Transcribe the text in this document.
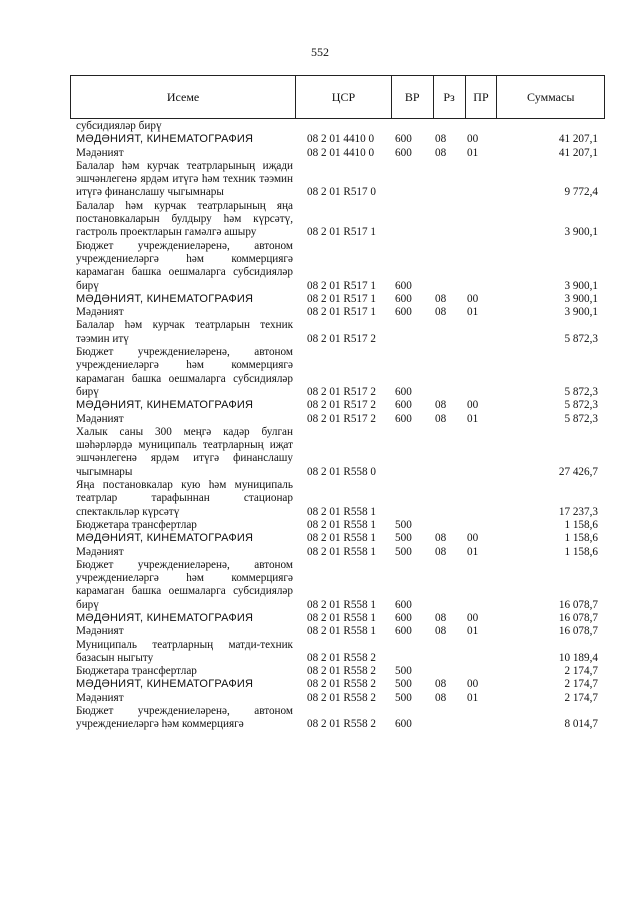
552
Исеме	ЦСР	ВР	Рз	ПР	Суммасы
субсидияләр бирү
МӘДӘНИЯТ, КИНЕМАТОГРАФИЯ	08 2 01 4410 0	600	08	00	41 207,1
Мәдәният	08 2 01 4410 0	600	08	01	41 207,1
Балалар һәм курчак театрларының иҗади эшчәнлегенә ярдәм итүгә һәм техник тәэмин итүгә финанслашу чыгымнары	08 2 01 R517 0	9 772,4
Балалар һәм курчак театрларының яңа постановкаларын булдыру һәм күрсәтү, гастроль проектларын гамәлгә ашыру	08 2 01 R517 1	3 900,1
Бюджет учреждениеләренә, автоном учреждениеләргә һәм коммерциягә карамаган башка оешмаларга субсидияләр бирү	08 2 01 R517 1	600	3 900,1
МӘДӘНИЯТ, КИНЕМАТОГРАФИЯ	08 2 01 R517 1	600	08	00	3 900,1
Мәдәният	08 2 01 R517 1	600	08	01	3 900,1
Балалар һәм курчак театрларын техник тәэмин итү	08 2 01 R517 2	5 872,3
Бюджет учреждениеләренә, автоном учреждениеләргә һәм коммерциягә карамаган башка оешмаларга субсидияләр бирү	08 2 01 R517 2	600	5 872,3
МӘДӘНИЯТ, КИНЕМАТОГРАФИЯ	08 2 01 R517 2	600	08	00	5 872,3
Мәдәният	08 2 01 R517 2	600	08	01	5 872,3
Халык саны 300 меңгә кадәр булган шәһәрләрдә муниципаль театрларның иҗат эшчәнлегенә ярдәм итүгә финанслашу чыгымнары	08 2 01 R558 0	27 426,7
Яңа постановкалар кую һәм муниципаль театрлар тарафыннан стационар спектакльләр күрсәтү	08 2 01 R558 1	17 237,3
Бюджетара трансфертлар	08 2 01 R558 1	500	1 158,6
МӘДӘНИЯТ, КИНЕМАТОГРАФИЯ	08 2 01 R558 1	500	08	00	1 158,6
Мәдәният	08 2 01 R558 1	500	08	01	1 158,6
Бюджет учреждениеләренә, автоном учреждениеләргә һәм коммерциягә карамаган башка оешмаларга субсидияләр бирү	08 2 01 R558 1	600	16 078,7
МӘДӘНИЯТ, КИНЕМАТОГРАФИЯ	08 2 01 R558 1	600	08	00	16 078,7
Мәдәният	08 2 01 R558 1	600	08	01	16 078,7
Муниципаль театрларның матди-техник базасын ныгыту	08 2 01 R558 2	10 189,4
Бюджетара трансфертлар	08 2 01 R558 2	500	2 174,7
МӘДӘНИЯТ, КИНЕМАТОГРАФИЯ	08 2 01 R558 2	500	08	00	2 174,7
Мәдәният	08 2 01 R558 2	500	08	01	2 174,7
Бюджет учреждениеләренә, автоном учреждениеләргә һәм коммерциягә	08 2 01 R558 2	600	8 014,7
